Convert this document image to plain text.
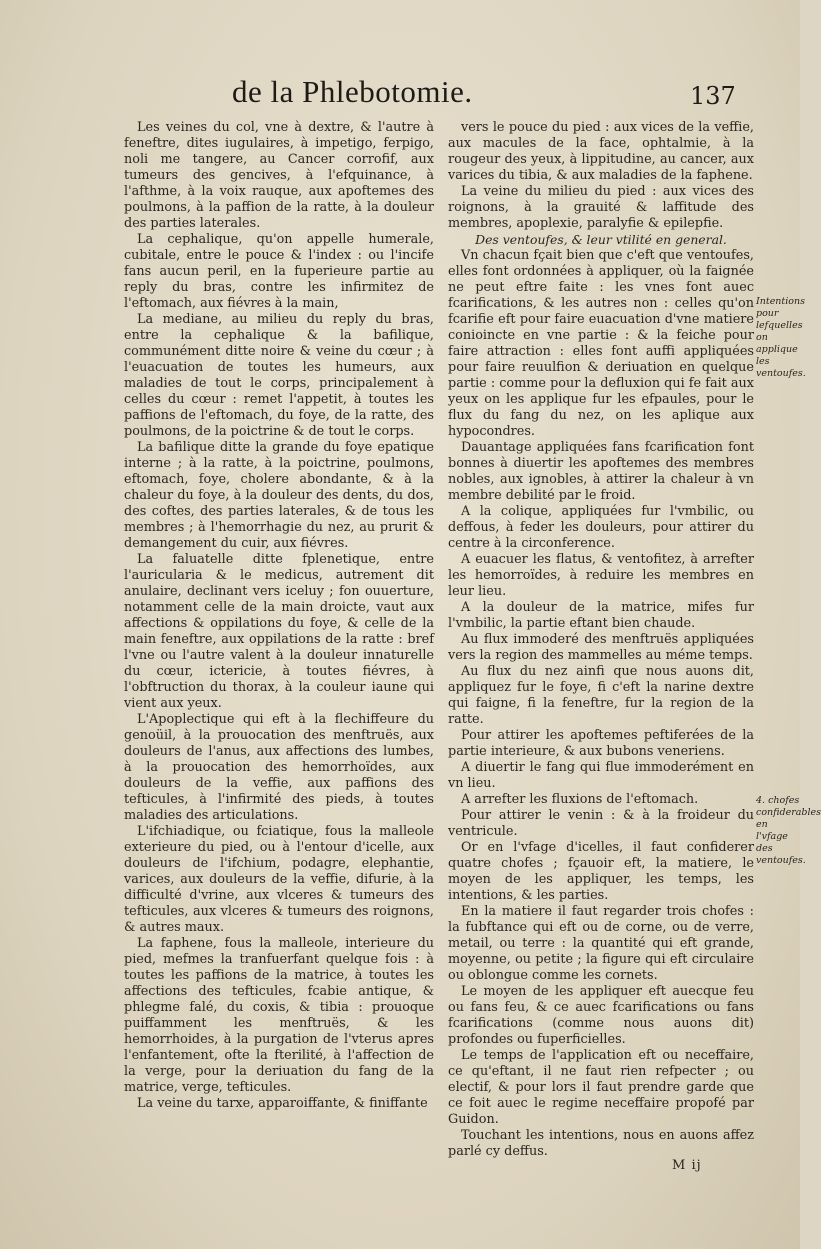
de la Phlebotomie.	137

Les veines du col, vne à dextre, & l'autre à feneftre, dites iugulaires, à impetigo, ferpigo, noli me tangere, au Cancer corrofif, aux tumeurs des gencives, à l'efquinance, à l'afthme, à la voix rauque, aux apoftemes des poulmons, à la paffion de la ratte, à la douleur des parties laterales.

La cephalique, qu'on appelle humerale, cubitale, entre le pouce & l'index : ou l'incife fans aucun peril, en la fuperieure partie au reply du bras, contre les infirmitez de l'eftomach, aux fiévres à la main,

La mediane, au milieu du reply du bras, entre la cephalique & la bafilique, communément ditte noire & veine du cœur ; à l'euacuation de toutes les humeurs, aux maladies de tout le corps, principalement à celles du cœur : remet l'appetit, à toutes les paffions de l'eftomach, du foye, de la ratte, des poulmons, de la poictrine & de tout le corps.

La bafilique ditte la grande du foye epatique interne ; à la ratte, à la poictrine, poulmons, eftomach, foye, cholere abondante, & à la chaleur du foye, à la douleur des dents, du dos, des coftes, des parties laterales, & de tous les membres ; à l'hemorrhagie du nez, au prurit & demangement du cuir, aux fiévres.

La faluatelle ditte fplenetique, entre l'auricularia & le medicus, autrement dit anulaire, declinant vers iceluy ; fon ouuerture, notamment celle de la main droicte, vaut aux affections & oppilations du foye, & celle de la main feneftre, aux oppilations de la ratte : bref l'vne ou l'autre valent à la douleur innaturelle du cœur, ictericie, à toutes fiévres, à l'obftruction du thorax, à la couleur iaune qui vient aux yeux.

L'Apoplectique qui eft à la flechiffeure du genoüil, à la prouocation des menftruës, aux douleurs de l'anus, aux affections des lumbes, à la prouocation des hemorrhoïdes, aux douleurs de la veffie, aux paffions des tefticules, à l'infirmité des pieds, à toutes maladies des articulations.

L'ifchiadique, ou fciatique, fous la malleole exterieure du pied, ou à l'entour d'icelle, aux douleurs de l'ifchium, podagre, elephantie, varices, aux douleurs de la veffie, difurie, à la difficulté d'vrine, aux vlceres & tumeurs des tefticules, aux vlceres & tumeurs des roignons, & autres maux.

La faphene, fous la malleole, interieure du pied, mefmes la tranfuerfant quelque fois : à toutes les paffions de la matrice, à toutes les affections des tefticules, fcabie antique, & phlegme falé, du coxis, & tibia : prouoque puiffamment les menftruës, & les hemorrhoides, à la purgation de l'vterus apres l'enfantement, ofte la fterilité, à l'affection de la verge, pour la deriuation du fang de la matrice, verge, tefticules.

La veine du tarxe, apparoiffante, & finiffante

vers le pouce du pied : aux vices de la veffie, aux macules de la face, ophtalmie, à la rougeur des yeux, à lippitudine, au cancer, aux varices du tibia, & aux maladies de la faphene.

La veine du milieu du pied : aux vices des roignons, à la grauité & laffitude des membres, apoplexie, paralyfie & epilepfie.

Des ventoufes, & leur vtilité en general.

Vn chacun fçait bien que c'eft que ventoufes, elles font ordonnées à appliquer, où la faignée ne peut eftre faite : les vnes font auec fcarifications, & les autres non : celles qu'on fcarifie eft pour faire euacuation d'vne matiere conioincte en vne partie : & la feiche pour faire attraction : elles font auffi appliquées pour faire reuulfion & deriuation en quelque partie : comme pour la defluxion qui fe fait aux yeux on les applique fur les efpaules, pour le flux du fang du nez, on les aplique aux hypocondres.

Dauantage appliquées fans fcarification font bonnes à diuertir les apoftemes des membres nobles, aux ignobles, à attirer la chaleur à vn membre debilité par le froid.

A la colique, appliquées fur l'vmbilic, ou deffous, à feder les douleurs, pour attirer du centre à la circonference.

A euacuer les flatus, & ventofitez, à arrefter les hemorroïdes, à reduire les membres en leur lieu.

A la douleur de la matrice, mifes fur l'vmbilic, la partie eftant bien chaude.

Au flux immoderé des menftruës appliquées vers la region des mammelles au méme temps.

Au flux du nez ainfi que nous auons dit, appliquez fur le foye, fi c'eft la narine dextre qui faigne, fi la feneftre, fur la region de la ratte.

Pour attirer les apoftemes peftiferées de la partie interieure, & aux bubons veneriens.

A diuertir le fang qui flue immoderément en vn lieu.

A arrefter les fluxions de l'eftomach.

Pour attirer le venin : & à la froideur du ventricule.

Or en l'vfage d'icelles, il faut confiderer quatre chofes ; fçauoir eft, la matiere, le moyen de les appliquer, les temps, les intentions, & les parties.

En la matiere il faut regarder trois chofes : la fubftance qui eft ou de corne, ou de verre, metail, ou terre : la quantité qui eft grande, moyenne, ou petite ; la figure qui eft circulaire ou oblongue comme les cornets.

Le moyen de les appliquer eft auecque feu ou fans feu, & ce auec fcarifications ou fans fcarifications (comme nous auons dit) profondes ou fuperficielles.

Le temps de l'application eft ou neceffaire, ce qu'eftant, il ne faut rien refpecter ; ou electif, & pour lors il faut prendre garde que ce foit auec le regime neceffaire propofé par Guidon.

Touchant les intentions, nous en auons affez parlé cy deffus.

Intentions pour lefquelles on applique les ventoufes.
4. chofes confiderables en l'vfage des ventoufes.
M ij
